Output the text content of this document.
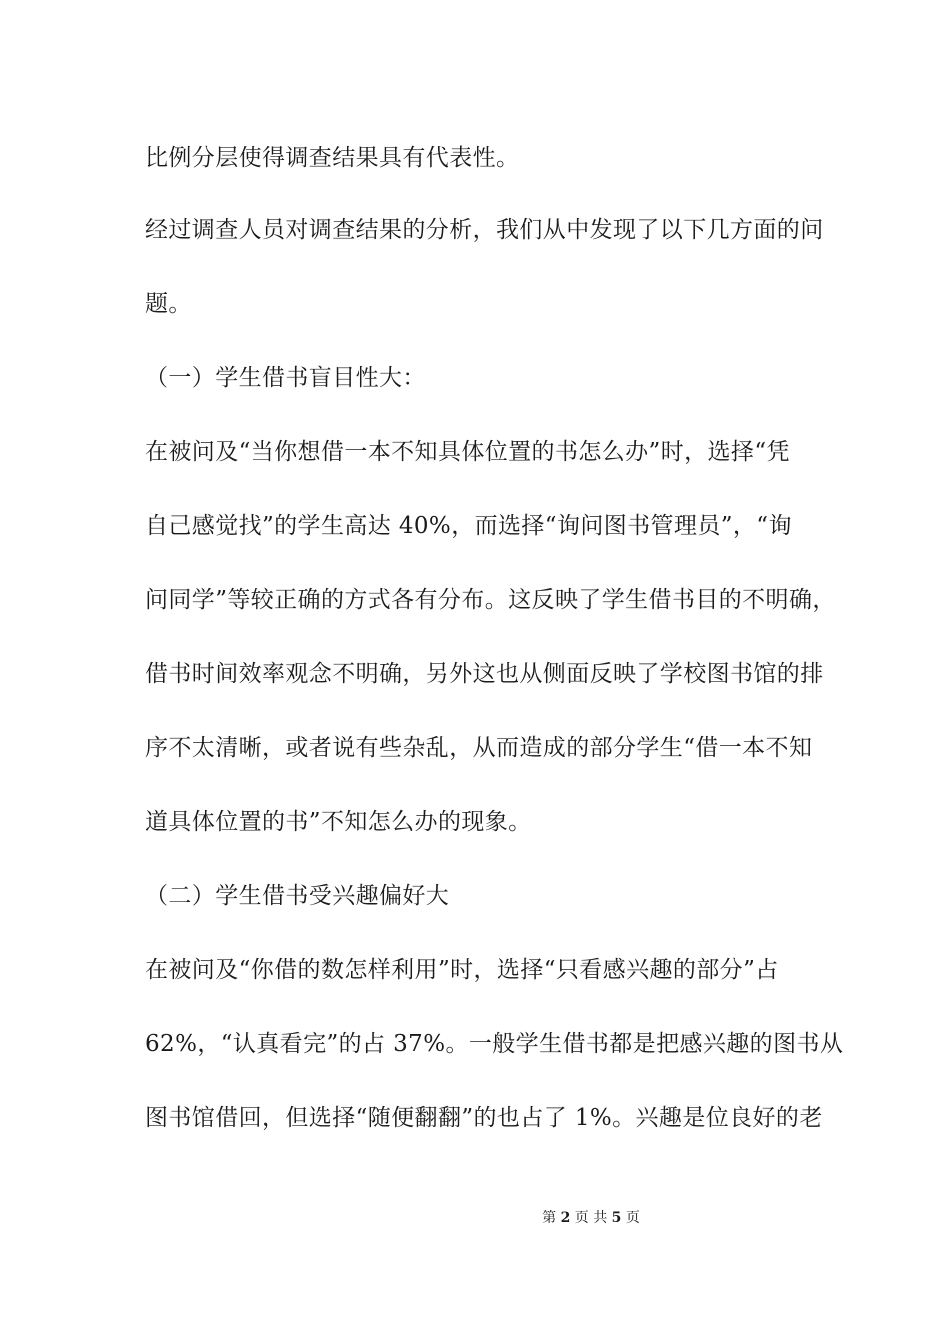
比例分层使得调查结果具有代表性。
经过调查人员对调查结果的分析，我们从中发现了以下几方面的问
题。
（一）学生借书盲目性大：
在被问及“当你想借一本不知具体位置的书怎么办”时，选择“凭
自己感觉找”的学生高达 40%，而选择“询问图书管理员”，“询
问同学”等较正确的方式各有分布。这反映了学生借书目的不明确，
借书时间效率观念不明确，另外这也从侧面反映了学校图书馆的排
序不太清晰，或者说有些杂乱，从而造成的部分学生“借一本不知
道具体位置的书”不知怎么办的现象。
（二）学生借书受兴趣偏好大
在被问及“你借的数怎样利用”时，选择“只看感兴趣的部分”占
62%，“认真看完”的占 37%。一般学生借书都是把感兴趣的图书从
图书馆借回，但选择“随便翻翻”的也占了 1%。兴趣是位良好的老
第 2 页 共 5 页
